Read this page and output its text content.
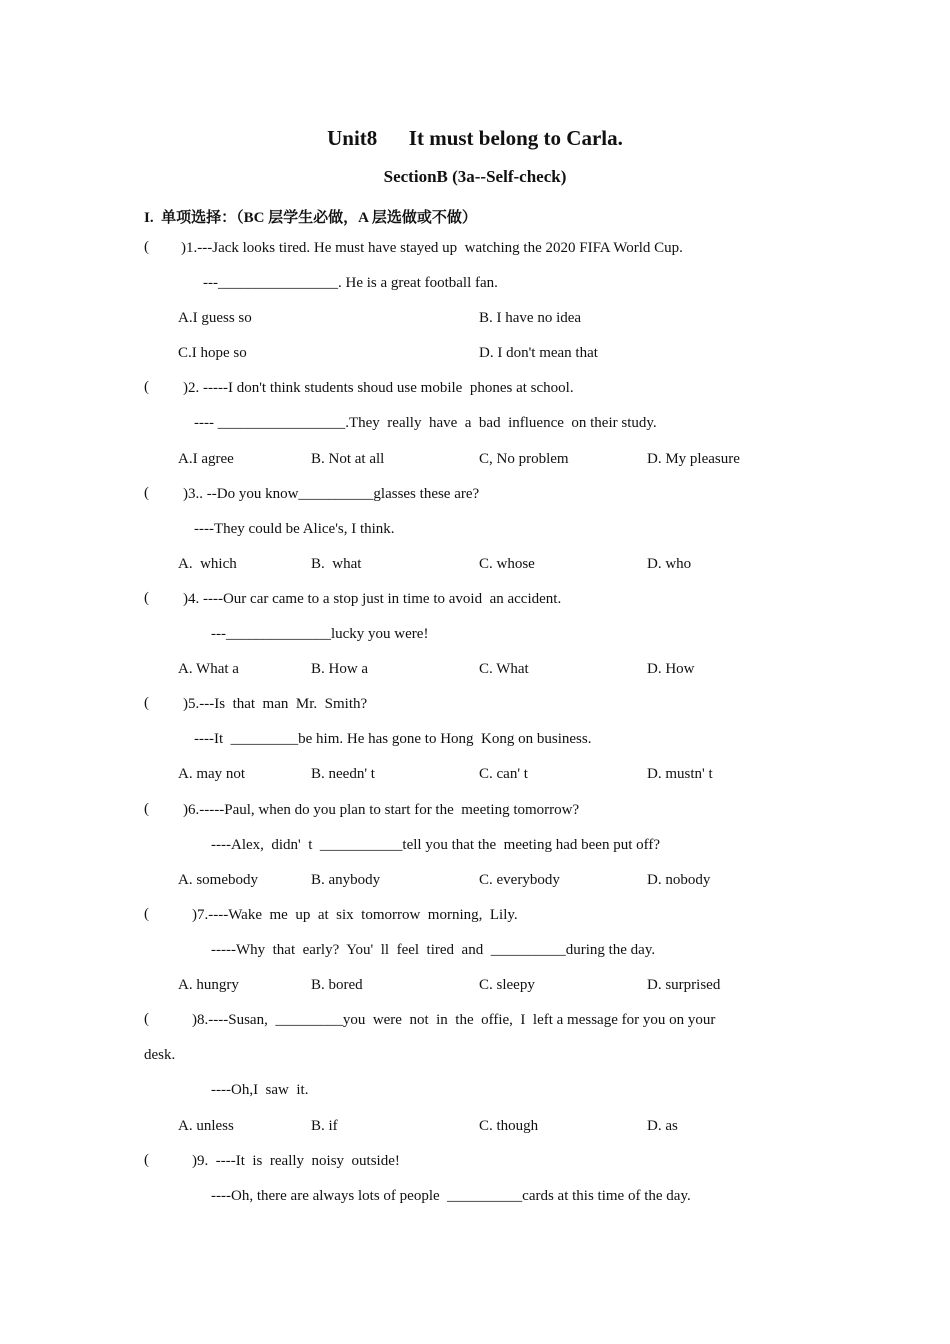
Unit8      It must belong to Carla.
SectionB (3a--Self-check)
I.  单项选择：（BC 层学生必做，A 层选做或不做）
( )1.---Jack looks tired. He must have stayed up  watching the 2020 FIFA World Cup.
---________________. He is a great football fan.
A.I guess so	B. I have no idea
C.I hope so	D. I don't mean that
( )2. -----I don't think students shoud use mobile  phones at school.
---- _________________.They  really  have  a  bad  influence  on their study.
A.I agree	B. Not at all	C, No problem	D. My pleasure
( )3.. --Do you know__________glasses these are?
----They could be Alice's, I think.
A.  which	B.  what	C. whose	D. who
( )4. ----Our car came to a stop just in time to avoid  an accident.
---______________lucky you were!
A. What a	B. How a	C. What	D. How
( )5.---Is  that  man  Mr.  Smith?
----It  _________be him. He has gone to Hong  Kong on business.
A. may not	B. needn' t	C. can' t	D. mustn' t
( )6.-----Paul, when do you plan to start for the  meeting tomorrow?
----Alex,  didn'  t  ___________tell you that the  meeting had been put off?
A. somebody	B. anybody	C. everybody	D. nobody
(	)7.----Wake  me  up  at  six  tomorrow  morning,  Lily.
-----Why  that  early?  You'  ll  feel  tired  and  __________during the day.
A. hungry	B. bored	C. sleepy	D. surprised
(	)8.----Susan,  _________you  were  not  in  the  offie,  I  left a message for you on your
desk.
----Oh,I  saw  it.
A. unless	B. if	C. though	D. as
(	)9.  ----It  is  really  noisy  outside!
----Oh, there are always lots of people  __________cards at this time of the day.
